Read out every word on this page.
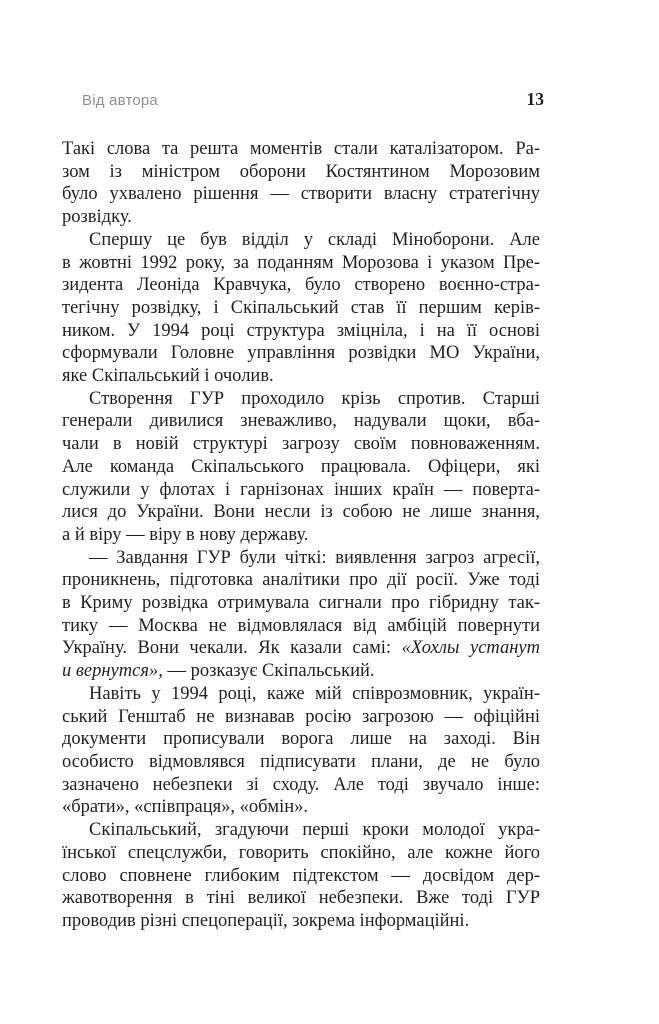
Від автора	13
Такі слова та решта моментів стали каталізатором. Ра-
зом із міністром оборони Костянтином Морозовим
було ухвалено рішення — створити власну стратегічну
розвідку.
Спершу це був відділ у складі Міноборони. Але
в жовтні 1992 року, за поданням Морозова і указом Пре-
зидента Леоніда Кравчука, було створено воєнно-стра-
тегічну розвідку, і Скіпальський став її першим керів-
ником. У 1994 році структура зміцніла, і на її основі
сформували Головне управління розвідки МО України,
яке Скіпальський і очолив.
Створення ГУР проходило крізь спротив. Старші
генерали дивилися зневажливо, надували щоки, вба-
чали в новій структурі загрозу своїм повноваженням.
Але команда Скіпальського працювала. Офіцери, які
служили у флотах і гарнізонах інших країн — поверта-
лися до України. Вони несли із собою не лише знання,
а й віру — віру в нову державу.
— Завдання ГУР були чіткі: виявлення загроз агресії,
проникнень, підготовка аналітики про дії росії. Уже тоді
в Криму розвідка отримувала сигнали про гібридну так-
тику — Москва не відмовлялася від амбіцій повернути
Україну. Вони чекали. Як казали самі: «Хохлы устанут
и вернутся», — розказує Скіпальський.
Навіть у 1994 році, каже мій співрозмовник, україн-
ський Генштаб не визнавав росію загрозою — офіційні
документи прописували ворога лише на заході. Він
особисто відмовлявся підписувати плани, де не було
зазначено небезпеки зі сходу. Але тоді звучало інше:
«брати», «співпраця», «обмін».
Скіпальський, згадуючи перші кроки молодої укра-
їнської спецслужби, говорить спокійно, але кожне його
слово сповнене глибоким підтекстом — досвідом дер-
жавотворення в тіні великої небезпеки. Вже тоді ГУР
проводив різні спецоперації, зокрема інформаційні.
